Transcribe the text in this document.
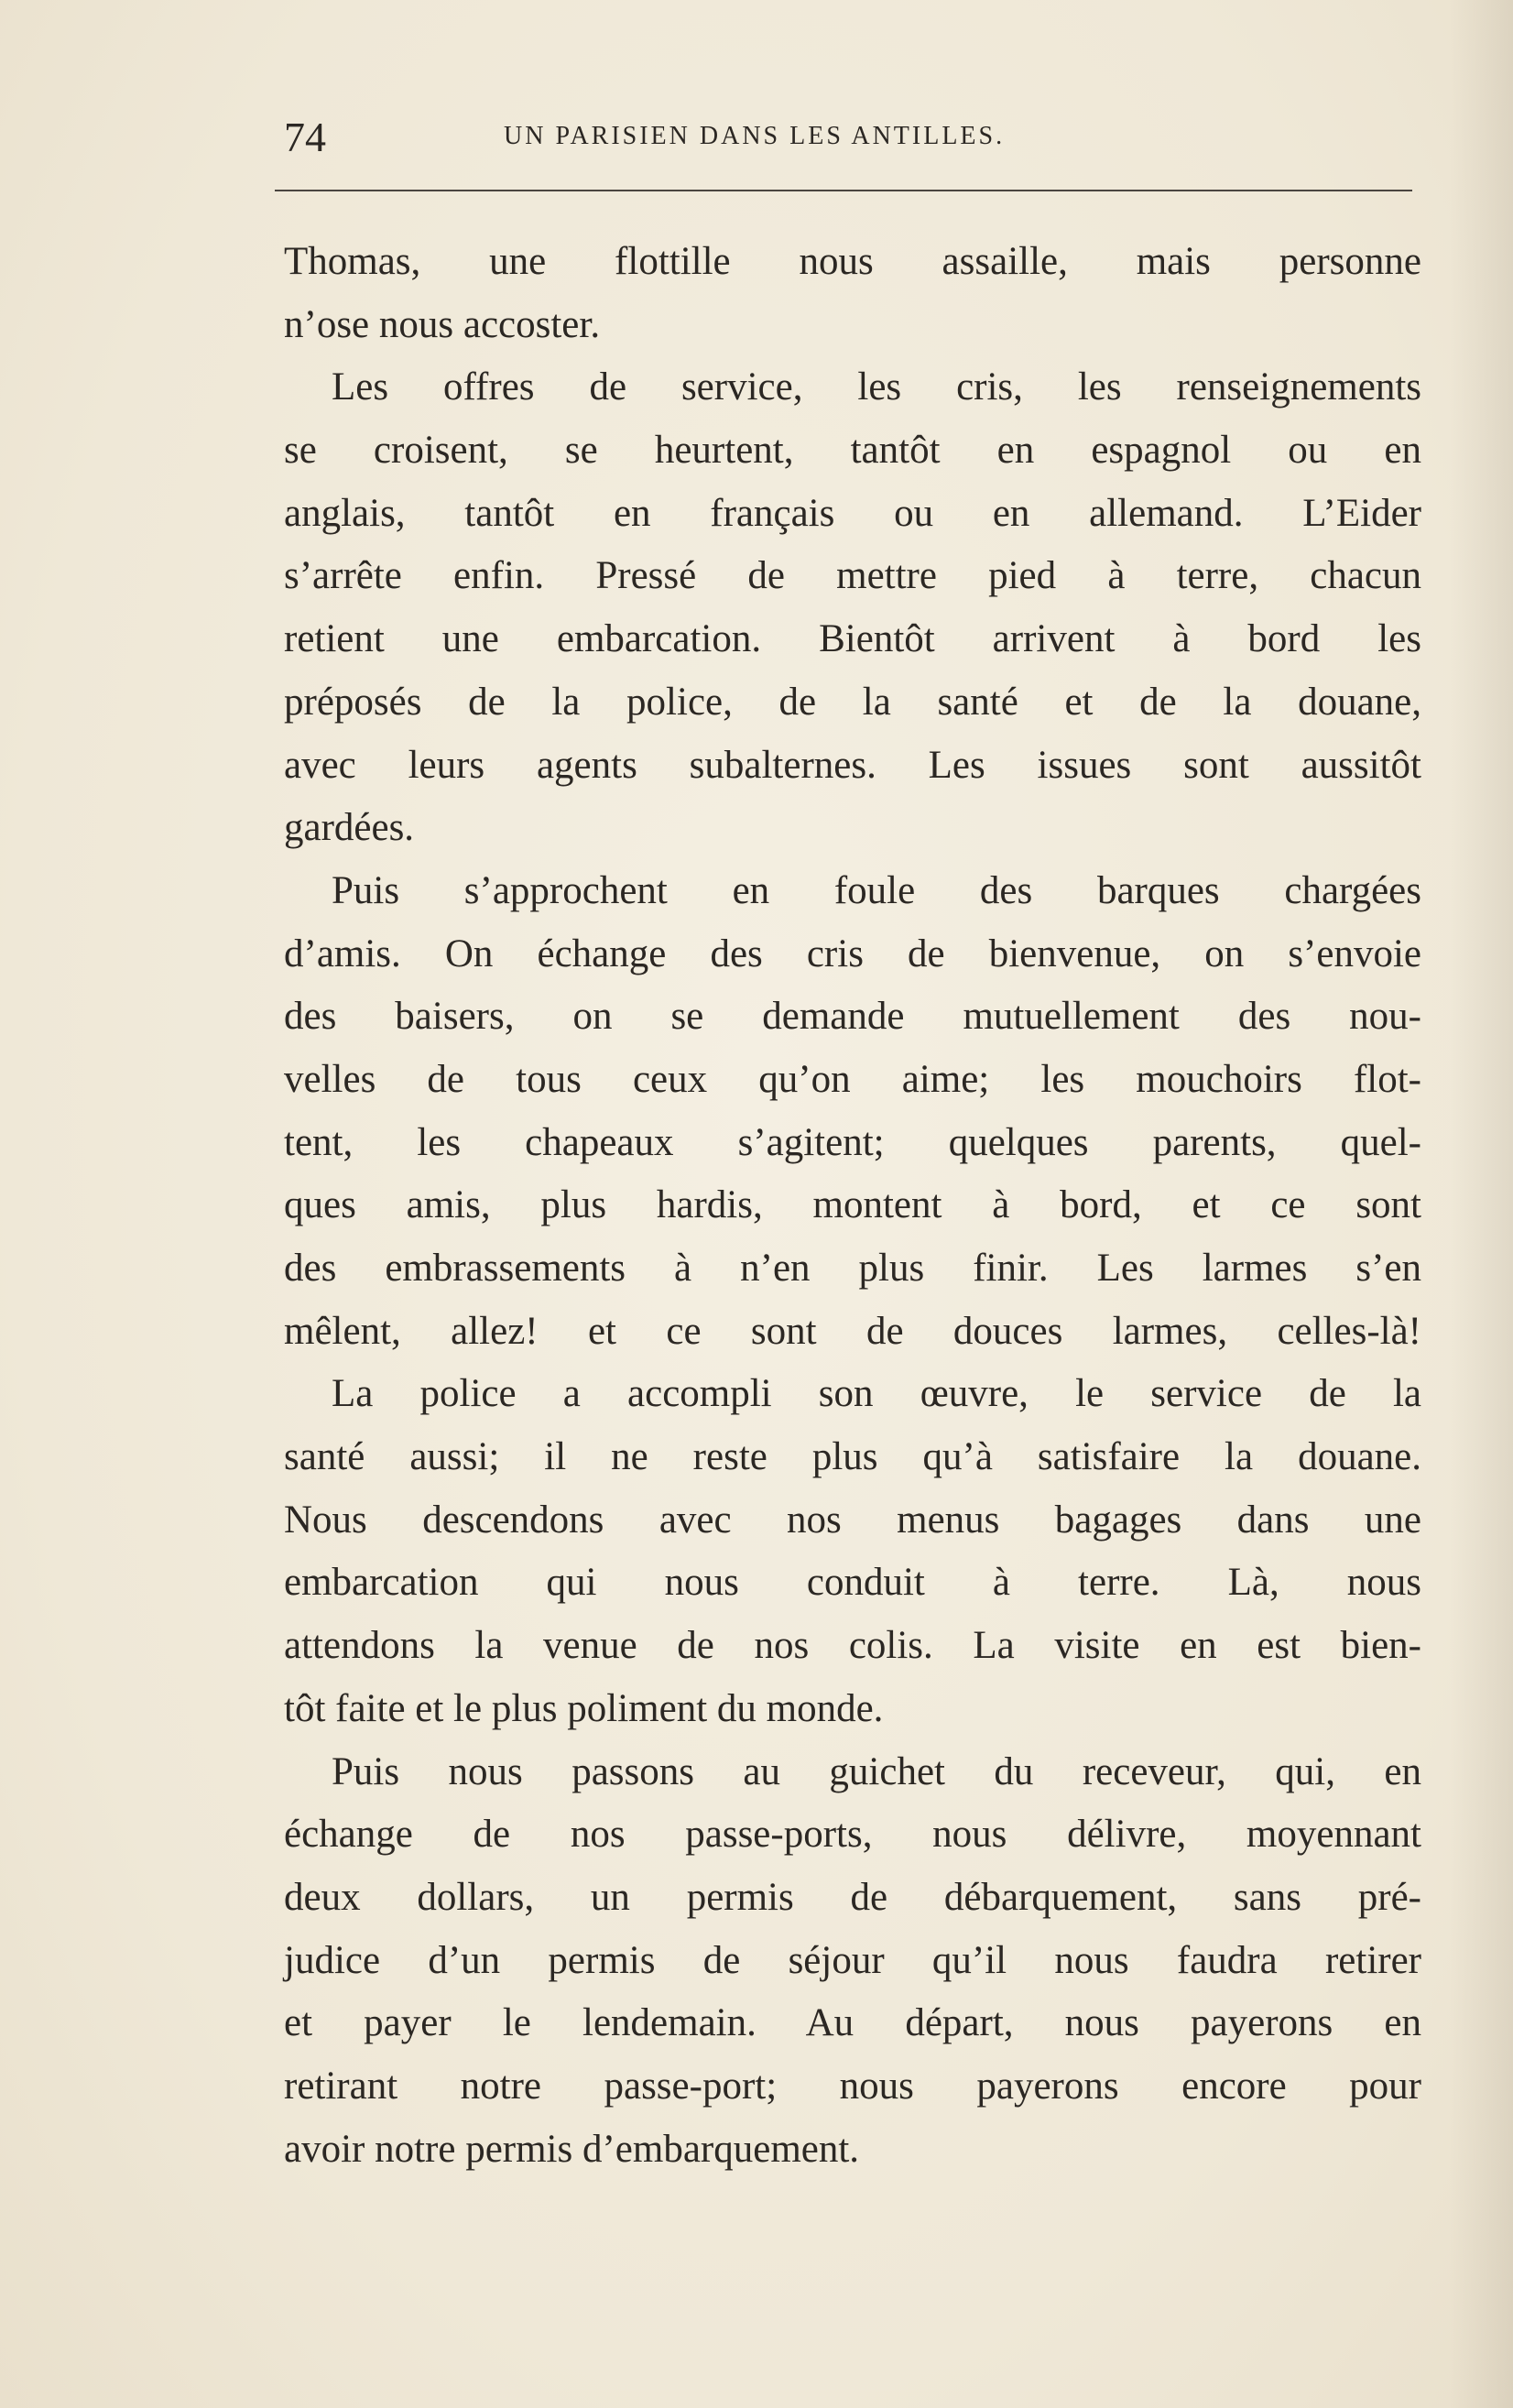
74	UN PARISIEN DANS LES ANTILLES.
Thomas, une flottille nous assaille, mais personne
n’ose nous accoster.
Les offres de service, les cris, les renseignements
se croisent, se heurtent, tantôt en espagnol ou en
anglais, tantôt en français ou en allemand. L’Eider
s’arrête enfin. Pressé de mettre pied à terre, chacun
retient une embarcation. Bientôt arrivent à bord les
préposés de la police, de la santé et de la douane,
avec leurs agents subalternes. Les issues sont aussitôt
gardées.
Puis s’approchent en foule des barques chargées
d’amis. On échange des cris de bienvenue, on s’envoie
des baisers, on se demande mutuellement des nou-
velles de tous ceux qu’on aime; les mouchoirs flot-
tent, les chapeaux s’agitent; quelques parents, quel-
ques amis, plus hardis, montent à bord, et ce sont
des embrassements à n’en plus finir. Les larmes s’en
mêlent, allez! et ce sont de douces larmes, celles-là!
La police a accompli son œuvre, le service de la
santé aussi; il ne reste plus qu’à satisfaire la douane.
Nous descendons avec nos menus bagages dans une
embarcation qui nous conduit à terre. Là, nous
attendons la venue de nos colis. La visite en est bien-
tôt faite et le plus poliment du monde.
Puis nous passons au guichet du receveur, qui, en
échange de nos passe-ports, nous délivre, moyennant
deux dollars, un permis de débarquement, sans pré-
judice d’un permis de séjour qu’il nous faudra retirer
et payer le lendemain. Au départ, nous payerons en
retirant notre passe-port; nous payerons encore pour
avoir notre permis d’embarquement.
